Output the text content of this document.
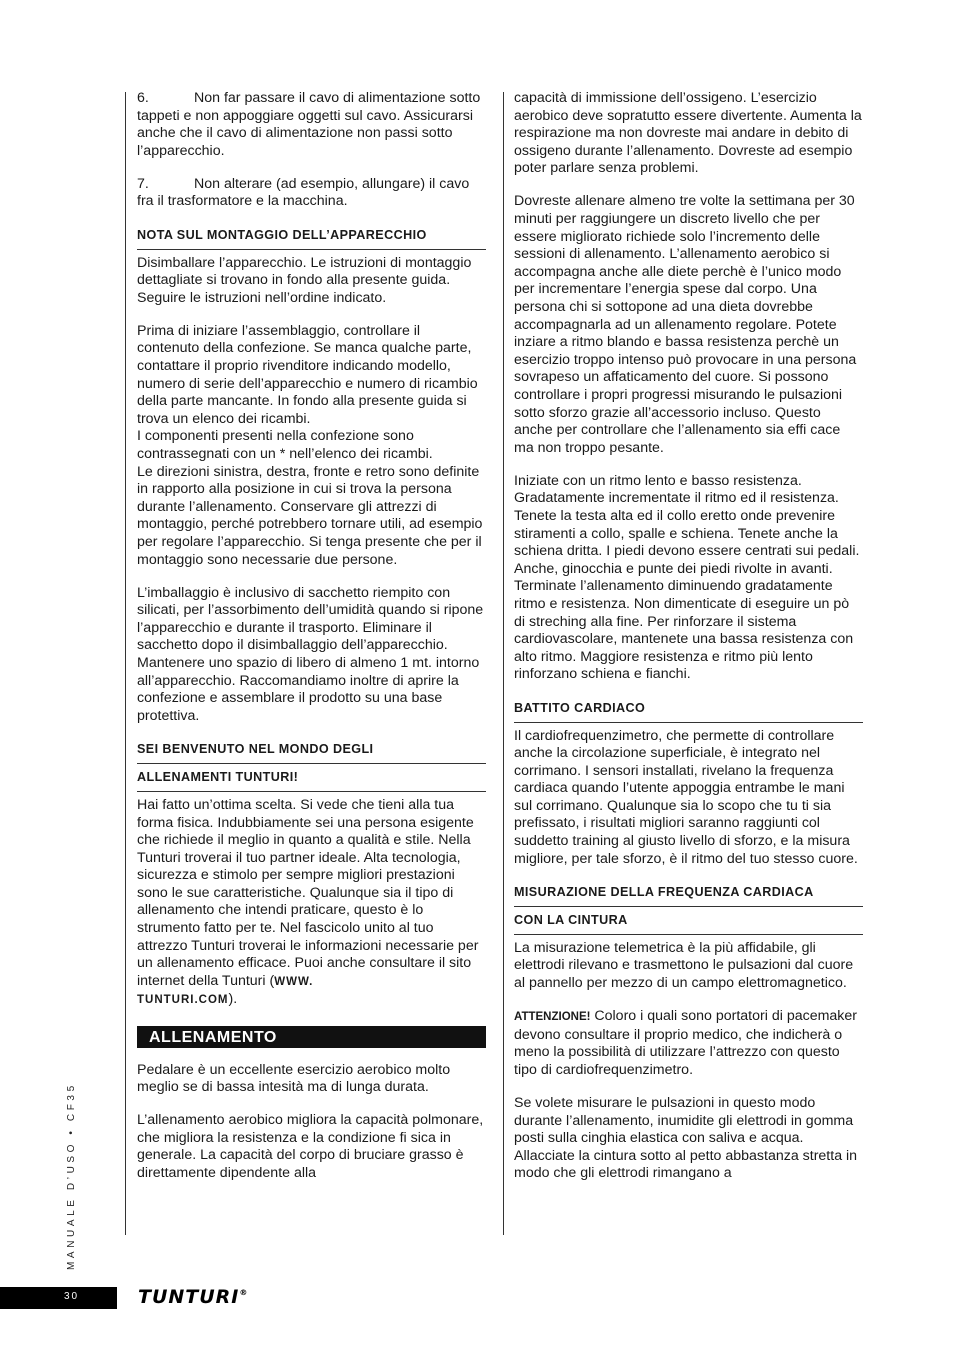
6.	Non far passare il cavo di alimentazione sotto tappeti e non appoggiare oggetti sul cavo. Assicurarsi anche che il cavo di alimentazione non passi sotto l’apparecchio.

7.	Non alterare (ad esempio, allungare) il cavo fra il trasformatore e la macchina.

NOTA SUL MONTAGGIO DELL’APPARECCHIO

Disimballare l’apparecchio. Le istruzioni di montaggio dettagliate si trovano in fondo alla presente guida. Seguire le istruzioni nell’ordine indicato.

Prima di iniziare l’assemblaggio, controllare il contenuto della confezione. Se manca qualche parte, contattare il proprio rivenditore indicando modello, numero di serie dell’apparecchio e numero di ricambio della parte mancante. In fondo alla presente guida si trova un elenco dei ricambi.

I componenti presenti nella confezione sono contrassegnati con un * nell’elenco dei ricambi.

Le direzioni sinistra, destra, fronte e retro sono definite in rapporto alla posizione in cui si trova la persona durante l’allenamento. Conservare gli attrezzi di montaggio, perché potrebbero tornare utili, ad esempio per regolare l’apparecchio. Si tenga presente che per il montaggio sono necessarie due persone.

L’imballaggio è inclusivo di sacchetto riempito con silicati, per l’assorbimento dell’umidità quando si ripone l’apparecchio e durante il trasporto. Eliminare il sacchetto dopo il disimballaggio dell’apparecchio. Mantenere uno spazio di libero di almeno 1 mt. intorno all’apparecchio. Raccomandiamo inoltre di aprire la confezione e assemblare il prodotto su una base protettiva.

SEI BENVENUTO NEL MONDO DEGLI
ALLENAMENTI TUNTURI!

Hai fatto un’ottima scelta. Si vede che tieni alla tua forma fisica. Indubbiamente sei una persona esigente che richiede il meglio in quanto a qualità e stile. Nella Tunturi troverai il tuo partner ideale. Alta tecnologia, sicurezza e stimolo per sempre migliori prestazioni sono le sue caratteristiche. Qualunque sia il tipo di allenamento che intendi praticare, questo è lo strumento fatto per te. Nel fascicolo unito al tuo attrezzo Tunturi troverai le informazioni necessarie per un allenamento efficace. Puoi anche consultare il sito internet della Tunturi (WWW.
TUNTURI.COM).

ALLENAMENTO

Pedalare è un eccellente esercizio aerobico molto meglio se di bassa intesità ma di lunga durata.

L’allenamento aerobico migliora la capacità polmonare, che migliora la resistenza e la condizione fi sica in generale. La capacità del corpo di bruciare grasso è direttamente dipendente alla

capacità di immissione dell’ossigeno. L’esercizio aerobico deve sopratutto essere divertente. Aumenta la respirazione ma non dovreste mai andare in debito di ossigeno durante l’allenamento. Dovreste ad esempio poter parlare senza problemi.

Dovreste allenare almeno tre volte la settimana per 30 minuti per raggiungere un discreto livello che per essere migliorato richiede solo l’incremento delle sessioni di allenamento. L’allenamento aerobico si accompagna anche alle diete perchè è l’unico modo per incrementare l’energia spese dal corpo. Una persona chi si sottopone ad una dieta dovrebbe accompagnarla ad un allenamento regolare. Potete inziare a ritmo blando e bassa resistenza perchè un esercizio troppo intenso può provocare in una persona sovrapeso un affaticamento del cuore. Si possono controllare i propri progressi misurando le pulsazioni sotto sforzo grazie all’accessorio incluso. Questo anche per controllare che l’allenamento sia effi cace ma non troppo pesante.

Iniziate con un ritmo lento e basso resistenza. Gradatamente incrementate il ritmo ed il resistenza. Tenete la testa alta ed il collo eretto onde prevenire stiramenti a collo, spalle e schiena. Tenete anche la schiena dritta. I piedi devono essere centrati sui pedali. Anche, ginocchia e punte dei piedi rivolte in avanti. Terminate l’allenamento diminuendo gradatamente ritmo e resistenza. Non dimenticate di eseguire un pò di streching alla fine. Per rinforzare il sistema cardiovascolare, mantenete una bassa resistenza con alto ritmo. Maggiore resistenza e ritmo più lento rinforzano schiena e fianchi.

BATTITO CARDIACO

Il cardiofrequenzimetro, che permette di controllare anche la circolazione superficiale, è integrato nel corrimano. I sensori installati, rivelano la frequenza cardiaca quando l’utente appoggia entrambe le mani sul corrimano. Qualunque sia lo scopo che tu ti sia prefissato, i risultati migliori saranno raggiunti col suddetto training al giusto livello di sforzo, e la misura migliore, per tale sforzo, è il ritmo del tuo stesso cuore.

MISURAZIONE DELLA FREQUENZA CARDIACA
CON LA CINTURA

La misurazione telemetrica è la più affidabile, gli elettrodi rilevano e trasmettono le pulsazioni dal cuore al pannello per mezzo di un campo elettromagnetico.

ATTENZIONE! Coloro i quali sono portatori di pacemaker devono consultare il proprio medico, che indicherà o meno la possibilità di utilizzare l’attrezzo con questo tipo di cardiofrequenzimetro.

Se volete misurare le pulsazioni in questo modo durante l’allenamento, inumidite gli elettrodi in gomma posti sulla cinghia elastica con saliva e acqua. Allacciate la cintura sotto al petto abbastanza stretta in modo che gli elettrodi rimangano a

MANUALE D’USO • CF35
30	TUNTURI®
